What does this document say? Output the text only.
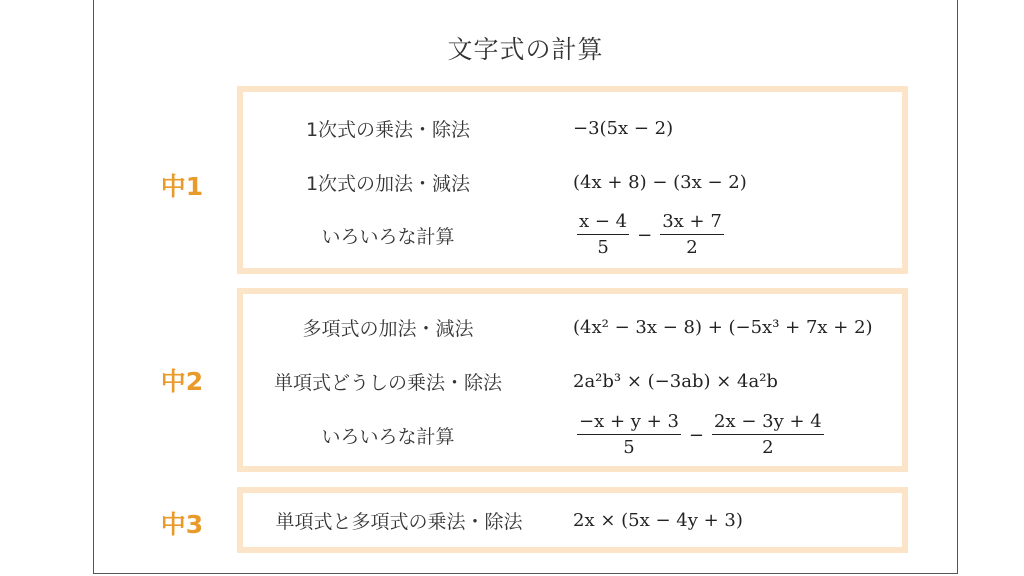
文字式の計算
中1
1次式の乗法・除法	−3(5x − 2)
1次式の加法・減法	(4x + 8) − (3x − 2)
いろいろな計算	$\frac{x - 4}{5} - \frac{3x + 7}{2}$
中2
多項式の加法・減法	(4x² − 3x − 8) + (−5x³ + 7x + 2)
単項式どうしの乗法・除法	2a²b³ × (−3ab) × 4a²b
いろいろな計算	$\frac{-x + y + 3}{5} - \frac{2x - 3y + 4}{2}$
中3	単項式と多項式の乗法・除法	2x × (5x − 4y + 3)
